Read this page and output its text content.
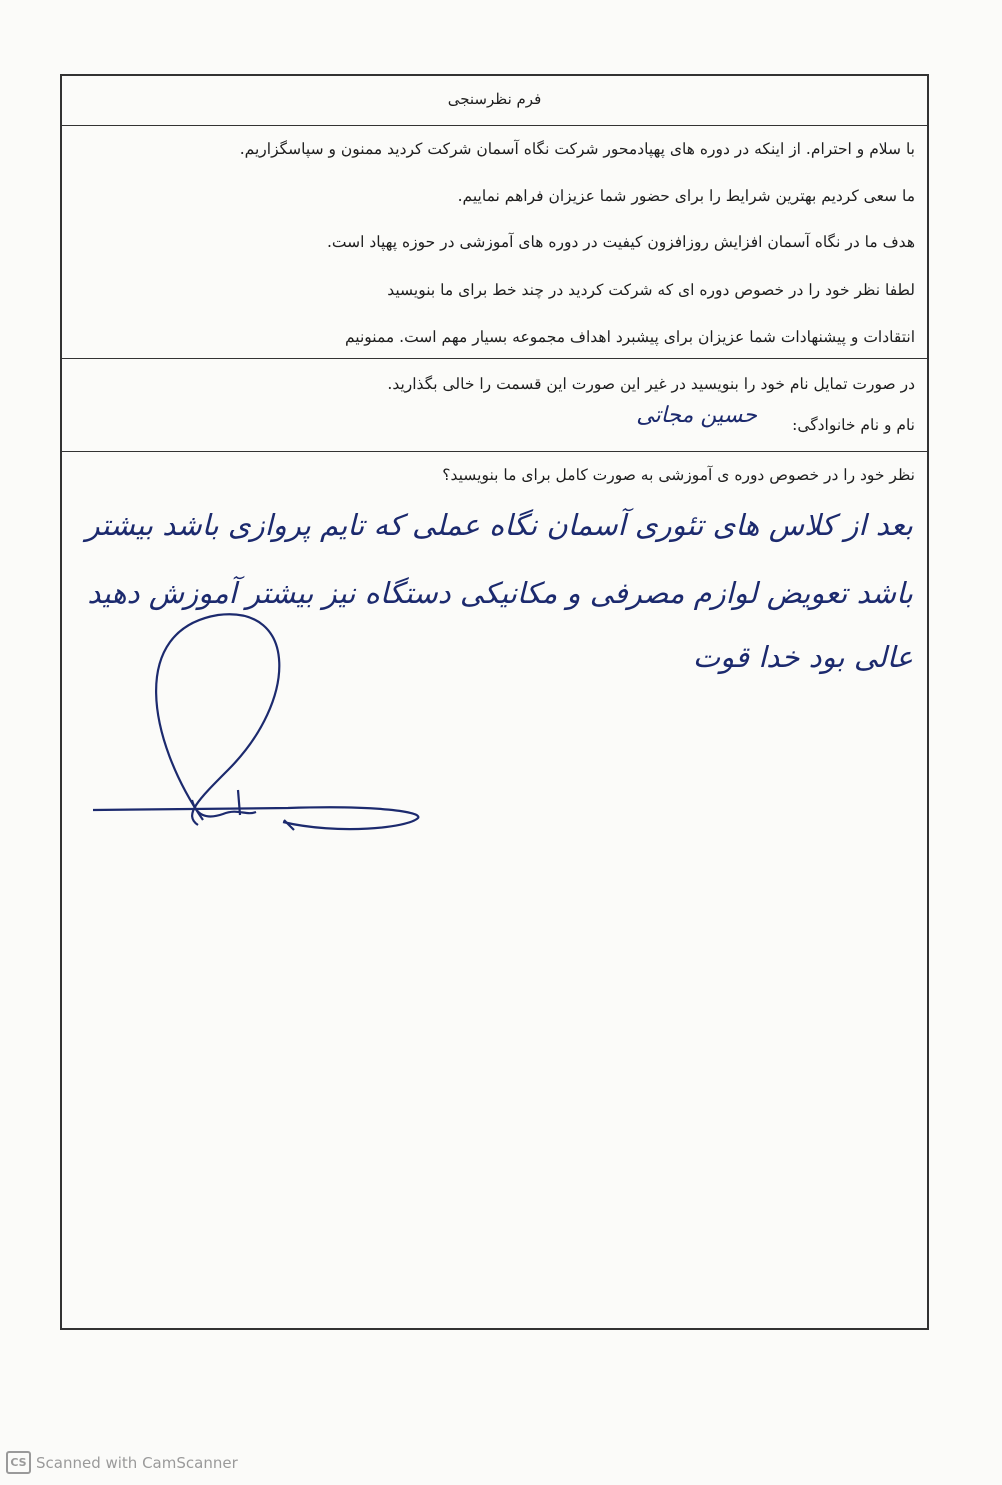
فرم نظرسنجی
با سلام و احترام. از اینکه در دوره های پهپادمحور شرکت نگاه آسمان شرکت کردید ممنون و سپاسگزاریم.
ما سعی کردیم بهترین شرایط را برای حضور شما عزیزان فراهم نماییم.
هدف ما در نگاه آسمان افزایش روزافزون کیفیت در دوره های آموزشی در حوزه پهپاد است.
لطفا نظر خود را در خصوص دوره ای که شرکت کردید در چند خط برای ما بنویسید
انتقادات و پیشنهادات شما عزیزان برای پیشبرد اهداف مجموعه بسیار مهم است. ممنونیم
در صورت تمایل نام خود را بنویسید در غیر این صورت این قسمت را خالی بگذارید.
نام و نام خانوادگی:
حسین مجاتی
نظر خود را در خصوص دوره ی آموزشی به صورت کامل برای ما بنویسید؟
بعد از کلاس های تئوری آسمان نگاه عملی که تایم پروازی باشد بیشتر
باشد تعویض لوازم مصرفی و مکانیکی دستگاه نیز بیشتر آموزش دهید
عالی بود خدا قوت
CS Scanned with CamScanner
